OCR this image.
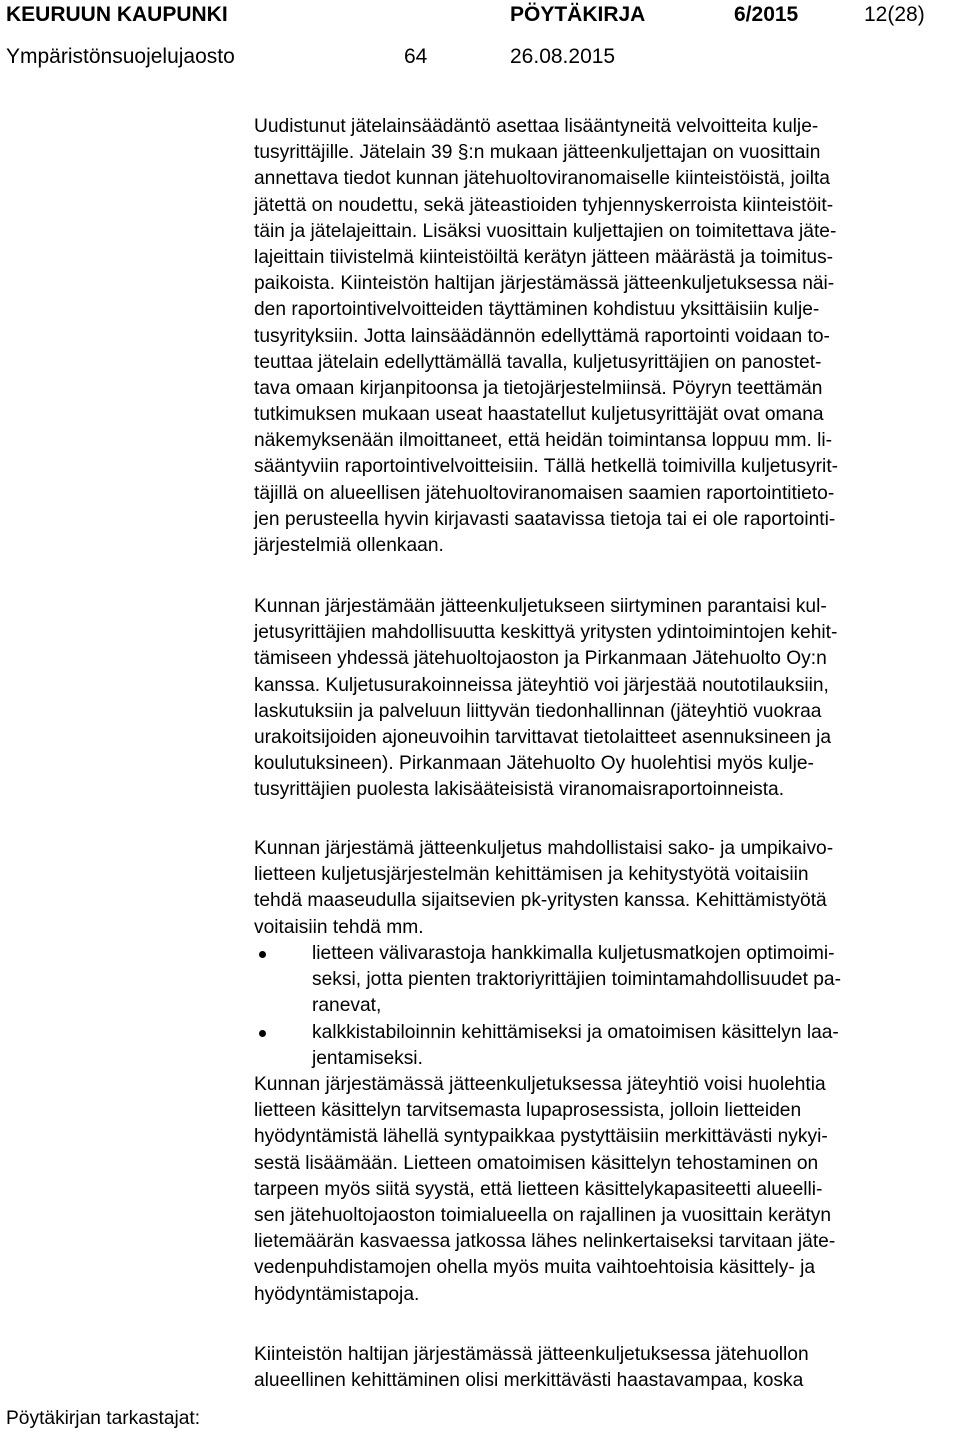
KEURUUN KAUPUNKI	PÖYTÄKIRJA	6/2015	12(28)
Ympäristönsuojelujaosto	64	26.08.2015
Uudistunut jätelainsäädäntö asettaa lisääntyneitä velvoitteita kulje-
tusyrittäjille. Jätelain 39 §:n mukaan jätteenkuljettajan on vuosittain
annettava tiedot kunnan jätehuoltoviranomaiselle kiinteistöistä, joilta
jätettä on noudettu, sekä jäteastioiden tyhjennyskerroista kiinteistöit-
täin ja jätelajeittain. Lisäksi vuosittain kuljettajien on toimitettava jäte-
lajeittain tiivistelmä kiinteistöiltä kerätyn jätteen määrästä ja toimitus-
paikoista. Kiinteistön haltijan järjestämässä jätteenkuljetuksessa näi-
den raportointivelvoitteiden täyttäminen kohdistuu yksittäisiin kulje-
tusyrityksiin. Jotta lainsäädännön edellyttämä raportointi voidaan to-
teuttaa jätelain edellyttämällä tavalla, kuljetusyrittäjien on panostet-
tava omaan kirjanpitoonsa ja tietojärjestelmiinsä. Pöyryn teettämän
tutkimuksen mukaan useat haastatellut kuljetusyrittäjät ovat omana
näkemyksenään ilmoittaneet, että heidän toimintansa loppuu mm. li-
sääntyviin raportointivelvoitteisiin. Tällä hetkellä toimivilla kuljetusyrit-
täjillä on alueellisen jätehuoltoviranomaisen saamien raportointitieto-
jen perusteella hyvin kirjavasti saatavissa tietoja tai ei ole raportointi-
järjestelmiä ollenkaan.
Kunnan järjestämään jätteenkuljetukseen siirtyminen parantaisi kul-
jetusyrittäjien mahdollisuutta keskittyä yritysten ydintoimintojen kehit-
tämiseen yhdessä jätehuoltojaoston ja Pirkanmaan Jätehuolto Oy:n
kanssa. Kuljetusurakoinneissa jäteyhtiö voi järjestää noutotilauksiin,
laskutuksiin ja palveluun liittyvän tiedonhallinnan (jäteyhtiö vuokraa
urakoitsijoiden ajoneuvoihin tarvittavat tietolaitteet asennuksineen ja
koulutuksineen). Pirkanmaan Jätehuolto Oy huolehtisi myös kulje-
tusyrittäjien puolesta lakisääteisistä viranomaisraportoinneista.
Kunnan järjestämä jätteenkuljetus mahdollistaisi sako- ja umpikaivo-
lietteen kuljetusjärjestelmän kehittämisen ja kehitystyötä voitaisiin
tehdä maaseudulla sijaitsevien pk-yritysten kanssa. Kehittämistyötä
voitaisiin tehdä mm.
lietteen välivarastoja hankkimalla kuljetusmatkojen optimoimi-
seksi, jotta pienten traktoriyrittäjien toimintamahdollisuudet pa-
ranevat,
kalkkistabiloinnin kehittämiseksi ja omatoimisen käsittelyn laa-
jentamiseksi.
Kunnan järjestämässä jätteenkuljetuksessa jäteyhtiö voisi huolehtia
lietteen käsittelyn tarvitsemasta lupaprosessista, jolloin lietteiden
hyödyntämistä lähellä syntypaikkaa pystyttäisiin merkittävästi nykyi-
sestä lisäämään. Lietteen omatoimisen käsittelyn tehostaminen on
tarpeen myös siitä syystä, että lietteen käsittelykapasiteetti alueelli-
sen jätehuoltojaoston toimialueella on rajallinen ja vuosittain kerätyn
lietemäärän kasvaessa jatkossa lähes nelinkertaiseksi tarvitaan jäte-
vedenpuhdistamojen ohella myös muita vaihtoehtoisia käsittely- ja
hyödyntämistapoja.
Kiinteistön haltijan järjestämässä jätteenkuljetuksessa jätehuollon
alueellinen kehittäminen olisi merkittävästi haastavampaa, koska
Pöytäkirjan tarkastajat:
